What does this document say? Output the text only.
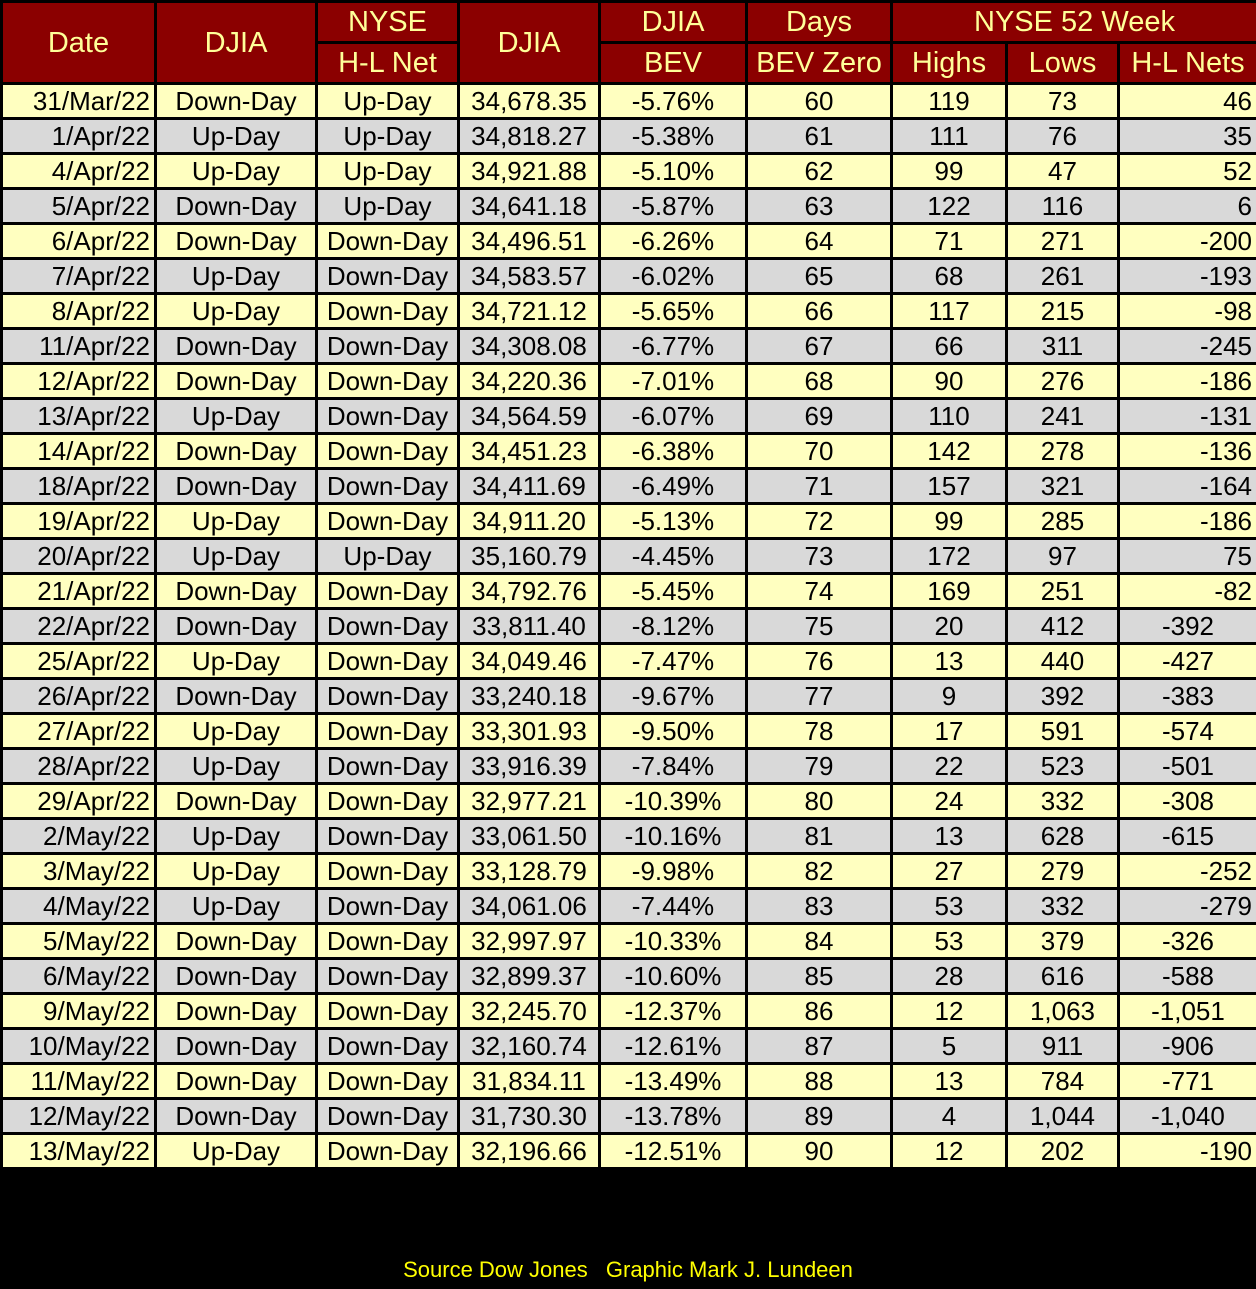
Date	DJIA	NYSE	DJIA	DJIA	Days	NYSE 52 Week		
		H-L Net		BEV	BEV Zero	Highs	Lows	H-L Nets
31/Mar/22	Down-Day	Up-Day	34,678.35	-5.76%	60	119	73	46
1/Apr/22	Up-Day	Up-Day	34,818.27	-5.38%	61	111	76	35
4/Apr/22	Up-Day	Up-Day	34,921.88	-5.10%	62	99	47	52
5/Apr/22	Down-Day	Up-Day	34,641.18	-5.87%	63	122	116	6
6/Apr/22	Down-Day	Down-Day	34,496.51	-6.26%	64	71	271	-200
7/Apr/22	Up-Day	Down-Day	34,583.57	-6.02%	65	68	261	-193
8/Apr/22	Up-Day	Down-Day	34,721.12	-5.65%	66	117	215	-98
11/Apr/22	Down-Day	Down-Day	34,308.08	-6.77%	67	66	311	-245
12/Apr/22	Down-Day	Down-Day	34,220.36	-7.01%	68	90	276	-186
13/Apr/22	Up-Day	Down-Day	34,564.59	-6.07%	69	110	241	-131
14/Apr/22	Down-Day	Down-Day	34,451.23	-6.38%	70	142	278	-136
18/Apr/22	Down-Day	Down-Day	34,411.69	-6.49%	71	157	321	-164
19/Apr/22	Up-Day	Down-Day	34,911.20	-5.13%	72	99	285	-186
20/Apr/22	Up-Day	Up-Day	35,160.79	-4.45%	73	172	97	75
21/Apr/22	Down-Day	Down-Day	34,792.76	-5.45%	74	169	251	-82
22/Apr/22	Down-Day	Down-Day	33,811.40	-8.12%	75	20	412	-392
25/Apr/22	Up-Day	Down-Day	34,049.46	-7.47%	76	13	440	-427
26/Apr/22	Down-Day	Down-Day	33,240.18	-9.67%	77	9	392	-383
27/Apr/22	Up-Day	Down-Day	33,301.93	-9.50%	78	17	591	-574
28/Apr/22	Up-Day	Down-Day	33,916.39	-7.84%	79	22	523	-501
29/Apr/22	Down-Day	Down-Day	32,977.21	-10.39%	80	24	332	-308
2/May/22	Up-Day	Down-Day	33,061.50	-10.16%	81	13	628	-615
3/May/22	Up-Day	Down-Day	33,128.79	-9.98%	82	27	279	-252
4/May/22	Up-Day	Down-Day	34,061.06	-7.44%	83	53	332	-279
5/May/22	Down-Day	Down-Day	32,997.97	-10.33%	84	53	379	-326
6/May/22	Down-Day	Down-Day	32,899.37	-10.60%	85	28	616	-588
9/May/22	Down-Day	Down-Day	32,245.70	-12.37%	86	12	1,063	-1,051
10/May/22	Down-Day	Down-Day	32,160.74	-12.61%	87	5	911	-906
11/May/22	Down-Day	Down-Day	31,834.11	-13.49%	88	13	784	-771
12/May/22	Down-Day	Down-Day	31,730.30	-13.78%	89	4	1,044	-1,040
13/May/22	Up-Day	Down-Day	32,196.66	-12.51%	90	12	202	-190
Source Dow Jones Graphic Mark J. Lundeen
